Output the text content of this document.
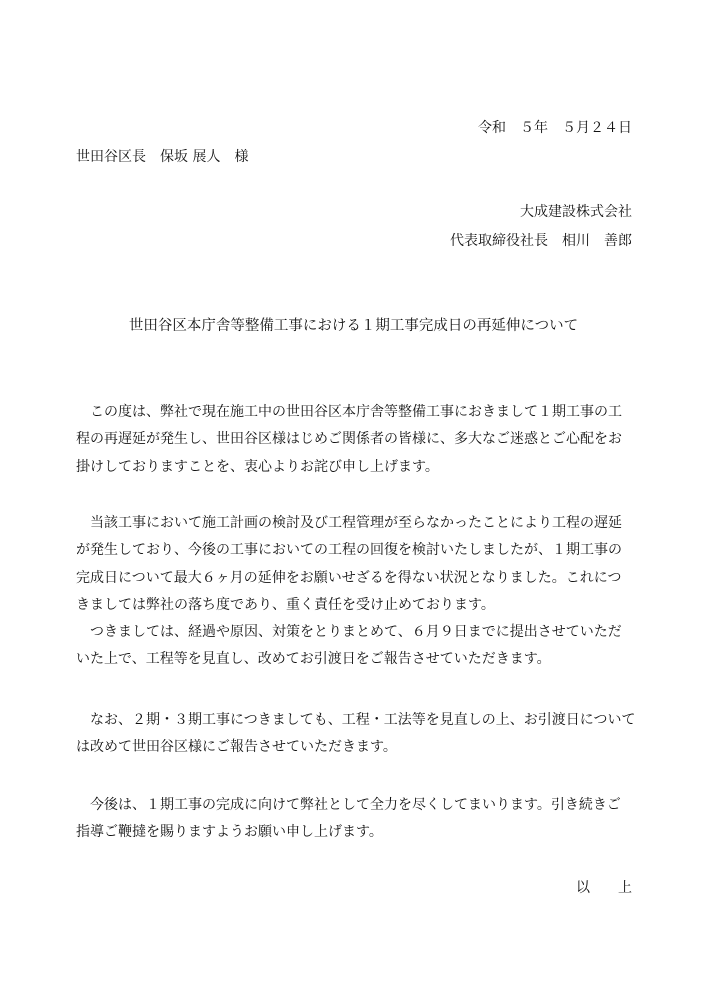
令和　５年　５月２４日
世田谷区長　保坂 展人　様
大成建設株式会社
代表取締役社長　相川　善郎
世田谷区本庁舎等整備工事における１期工事完成日の再延伸について
　この度は、弊社で現在施工中の世田谷区本庁舎等整備工事におきまして１期工事の工
程の再遅延が発生し、世田谷区様はじめご関係者の皆様に、多大なご迷惑とご心配をお
掛けしておりますことを、衷心よりお詫び申し上げます。
　当該工事において施工計画の検討及び工程管理が至らなかったことにより工程の遅延
が発生しており、今後の工事においての工程の回復を検討いたしましたが、１期工事の
完成日について最大６ヶ月の延伸をお願いせざるを得ない状況となりました。これにつ
きましては弊社の落ち度であり、重く責任を受け止めております。
　つきましては、経過や原因、対策をとりまとめて、６月９日までに提出させていただ
いた上で、工程等を見直し、改めてお引渡日をご報告させていただきます。
　なお、２期・３期工事につきましても、工程・工法等を見直しの上、お引渡日について
は改めて世田谷区様にご報告させていただきます。
　今後は、１期工事の完成に向けて弊社として全力を尽くしてまいります。引き続きご
指導ご鞭撻を賜りますようお願い申し上げます。
以　　上
